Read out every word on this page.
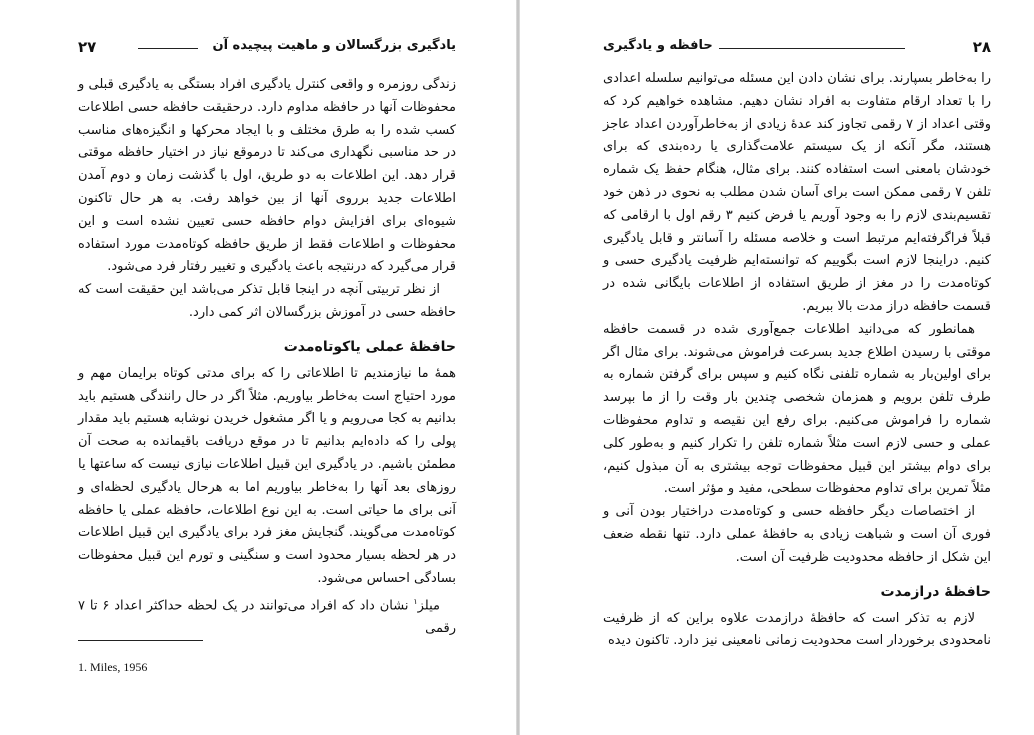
۲۷	یادگیری بزرگسالان و ماهیت پیچیده آن

زندگی روزمره و واقعی کنترل یادگیری افراد بستگی به یادگیری قبلی و محفوظات آنها در حافظه مداوم دارد. درحقیقت حافظه حسی اطلاعات کسب شده را به طرق مختلف و با ایجاد محرکها و انگیزه‌های مناسب در حد مناسبی نگهداری می‌کند تا درموقع نیاز در اختیار حافظه موقتی قرار دهد. این اطلاعات به دو طریق، اول با گذشت زمان و دوم آمدن اطلاعات جدید برروی آنها از بین خواهد رفت. به هر حال تاکنون شیوه‌ای برای افزایش دوام حافظه حسی تعیین نشده است و این محفوظات و اطلاعات فقط از طریق حافظه کوتاه‌مدت مورد استفاده قرار می‌گیرد که درنتیجه باعث یادگیری و تغییر رفتار فرد می‌شود.

از نظر تربیتی آنچه در اینجا قابل تذکر می‌باشد این حقیقت است که حافظه حسی در آموزش بزرگسالان اثر کمی دارد.

حافظهٔ عملی یاکوتاه‌مدت

همهٔ ما نیازمندیم تا اطلاعاتی را که برای مدتی کوتاه برایمان مهم و مورد احتیاج است به‌خاطر بیاوریم. مثلاً اگر در حال رانندگی هستیم باید بدانیم به کجا می‌رویم و یا اگر مشغول خریدن نوشابه هستیم باید مقدار پولی را که داده‌ایم بدانیم تا در موقع دریافت باقیمانده به صحت آن مطمئن باشیم. در یادگیری این قبیل اطلاعات نیازی نیست که ساعتها یا روزهای بعد آنها را به‌خاطر بیاوریم اما به هرحال یادگیری لحظه‌ای و آنی برای ما حیاتی است. به این نوع اطلاعات، حافظه عملی یا حافظه کوتاه‌مدت می‌گویند. گنجایش مغز فرد برای یادگیری این قبیل اطلاعات در هر لحظه بسیار محدود است و سنگینی و تورم این قبیل محفوظات بسادگی احساس می‌شود.

میلز$^۱$ نشان داد که افراد می‌توانند در یک لحظه حداکثر اعداد ۶ تا ۷ رقمی

1. Miles, 1956
حافظه و یادگیری	۲۸

را به‌خاطر بسپارند. برای نشان دادن این مسئله می‌توانیم سلسله اعدادی را با تعداد ارقام متفاوت به افراد نشان دهیم. مشاهده خواهیم کرد که وقتی اعداد از ۷ رقمی تجاوز کند عدهٔ زیادی از به‌خاطرآوردن اعداد عاجز هستند، مگر آنکه از یک سیستم علامت‌گذاری یا رده‌بندی که برای خودشان بامعنی است استفاده کنند. برای مثال، هنگام حفظ یک شماره تلفن ۷ رقمی ممکن است برای آسان شدن مطلب به نحوی در ذهن خود تقسیم‌بندی لازم را به وجود آوریم یا فرض کنیم ۳ رقم اول با ارقامی که قبلاً فراگرفته‌ایم مرتبط است و خلاصه مسئله را آسانتر و قابل یادگیری کنیم. دراینجا لازم است بگوییم که توانسته‌ایم ظرفیت یادگیری حسی و کوتاه‌مدت را در مغز از طریق استفاده از اطلاعات بایگانی شده در قسمت حافظه دراز مدت بالا ببریم.

همانطور که می‌دانید اطلاعات جمع‌آوری شده در قسمت حافظه موقتی با رسیدن اطلاع جدید بسرعت فراموش می‌شوند. برای مثال اگر برای اولین‌بار به شماره تلفنی نگاه کنیم و سپس برای گرفتن شماره به طرف تلفن برویم و همزمان شخصی چندین بار وقت را از ما بپرسد شماره را فراموش می‌کنیم. برای رفع این نقیصه و تداوم محفوظات عملی و حسی لازم است مثلاً شماره تلفن را تکرار کنیم و به‌طور کلی برای دوام بیشتر این قبیل محفوظات توجه بیشتری به آن مبذول کنیم، مثلاً تمرین برای تداوم محفوظات سطحی، مفید و مؤثر است.

از اختصاصات دیگر حافظه حسی و کوتاه‌مدت دراختیار بودن آنی و فوری آن است و شباهت زیادی به حافظهٔ عملی دارد. تنها نقطه ضعف این شکل از حافظه محدودیت ظرفیت آن است.

حافظهٔ درازمدت

لازم به تذکر است که حافظهٔ درازمدت علاوه براین که از ظرفیت نامحدودی برخوردار است محدودیت زمانی نامعینی نیز دارد. تاکنون دیده
